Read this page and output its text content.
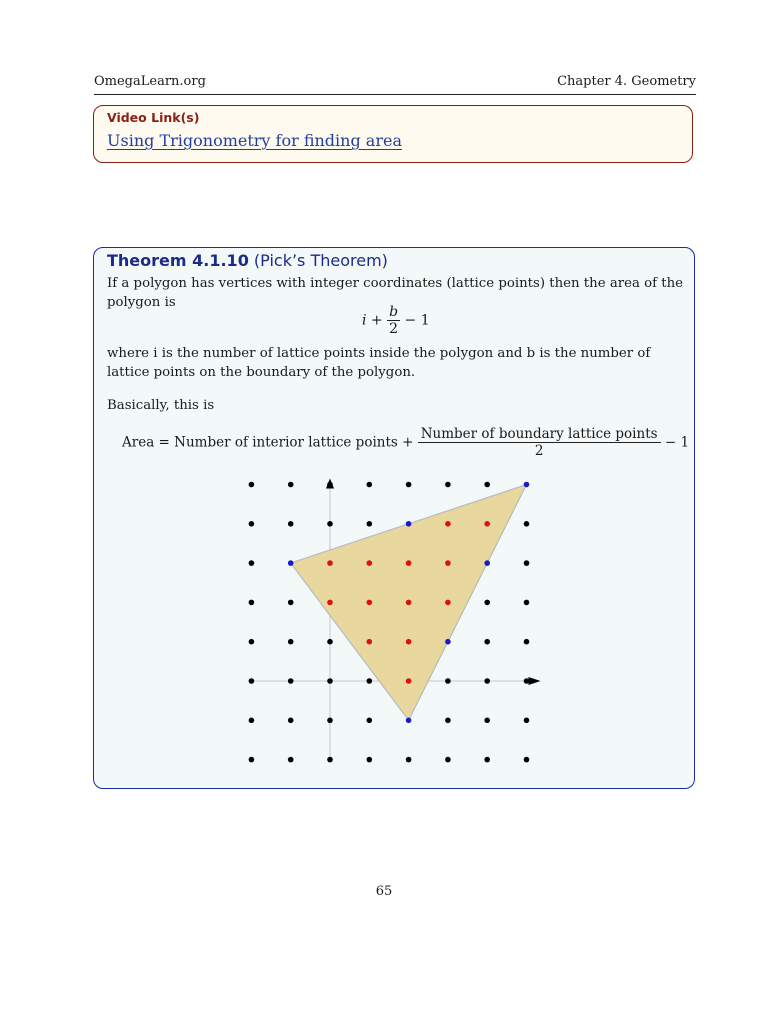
OmegaLearn.org	Chapter 4. Geometry
Video Link(s)
Using Trigonometry for finding area
Theorem 4.1.10 (Pick’s Theorem)
If a polygon has vertices with integer coordinates (lattice points) then the area of the polygon is
$i + \frac{b}{2} - 1$
where i is the number of lattice points inside the polygon and b is the number of lattice points on the boundary of the polygon.
Basically, this is
Area = Number of interior lattice points + $\frac{\text{Number of boundary lattice points}}{2} - 1$
65
